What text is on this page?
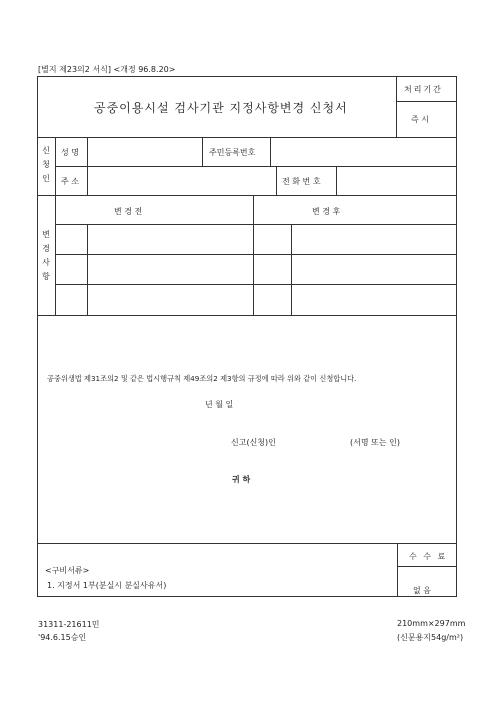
[별지 제23의2 서식] <개정 96.8.20>
공중이용시설 검사기관 지정사항변경 신청서
처리기간
즉 시
신
청
인
성 명	주민등록번호
주 소	전 화 번 호
변
경
사
항
변 경 전	변 경 후
공중위생법 제31조의2 및 같은 법시행규칙 제49조의2 제3항의 규정에 따라 위와 같이 신청합니다.
년 월 일
신고(신청)인	(서명 또는 인)
귀 하
<구비서류>
1. 지정서 1부(분실시 분실사유서)
수 수 료
없 음
31311-21611민
'94.6.15승인
210mm×297mm
(신문용지54g/m²)
